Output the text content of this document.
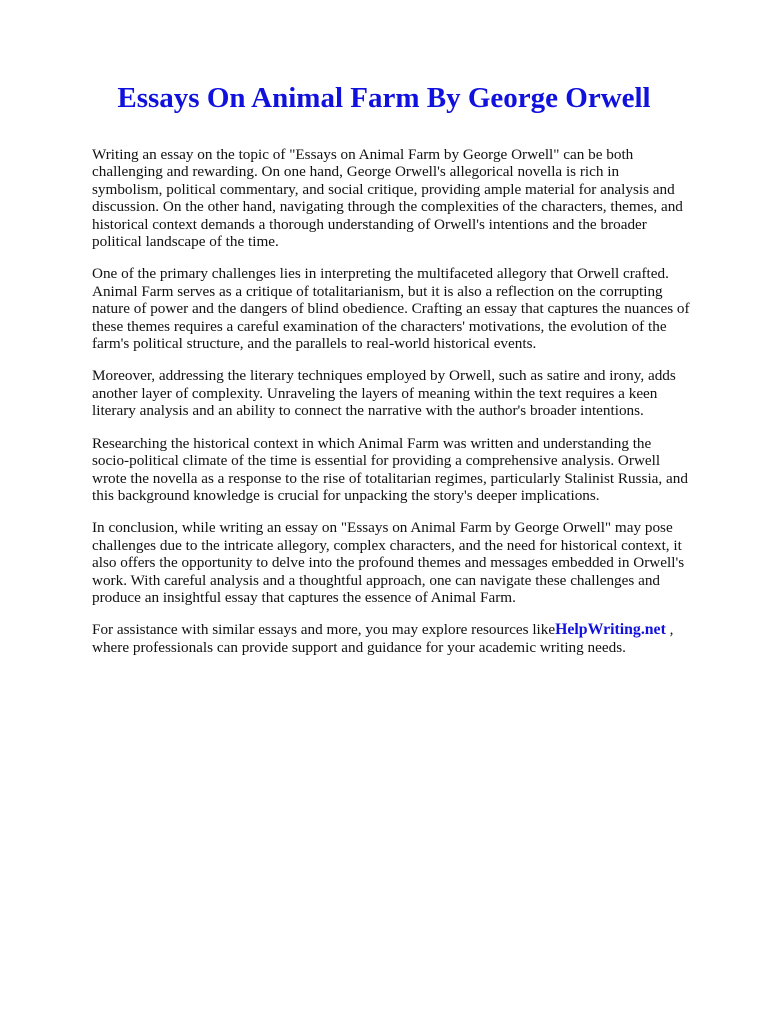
Essays On Animal Farm By George Orwell

Writing an essay on the topic of "Essays on Animal Farm by George Orwell" can be both challenging and rewarding. On one hand, George Orwell's allegorical novella is rich in symbolism, political commentary, and social critique, providing ample material for analysis and discussion. On the other hand, navigating through the complexities of the characters, themes, and historical context demands a thorough understanding of Orwell's intentions and the broader political landscape of the time.

One of the primary challenges lies in interpreting the multifaceted allegory that Orwell crafted. Animal Farm serves as a critique of totalitarianism, but it is also a reflection on the corrupting nature of power and the dangers of blind obedience. Crafting an essay that captures the nuances of these themes requires a careful examination of the characters' motivations, the evolution of the farm's political structure, and the parallels to real-world historical events.

Moreover, addressing the literary techniques employed by Orwell, such as satire and irony, adds another layer of complexity. Unraveling the layers of meaning within the text requires a keen literary analysis and an ability to connect the narrative with the author's broader intentions.

Researching the historical context in which Animal Farm was written and understanding the socio-political climate of the time is essential for providing a comprehensive analysis. Orwell wrote the novella as a response to the rise of totalitarian regimes, particularly Stalinist Russia, and this background knowledge is crucial for unpacking the story's deeper implications.

In conclusion, while writing an essay on "Essays on Animal Farm by George Orwell" may pose challenges due to the intricate allegory, complex characters, and the need for historical context, it also offers the opportunity to delve into the profound themes and messages embedded in Orwell's work. With careful analysis and a thoughtful approach, one can navigate these challenges and produce an insightful essay that captures the essence of Animal Farm.

For assistance with similar essays and more, you may explore resources likeHelpWriting.net , where professionals can provide support and guidance for your academic writing needs.
